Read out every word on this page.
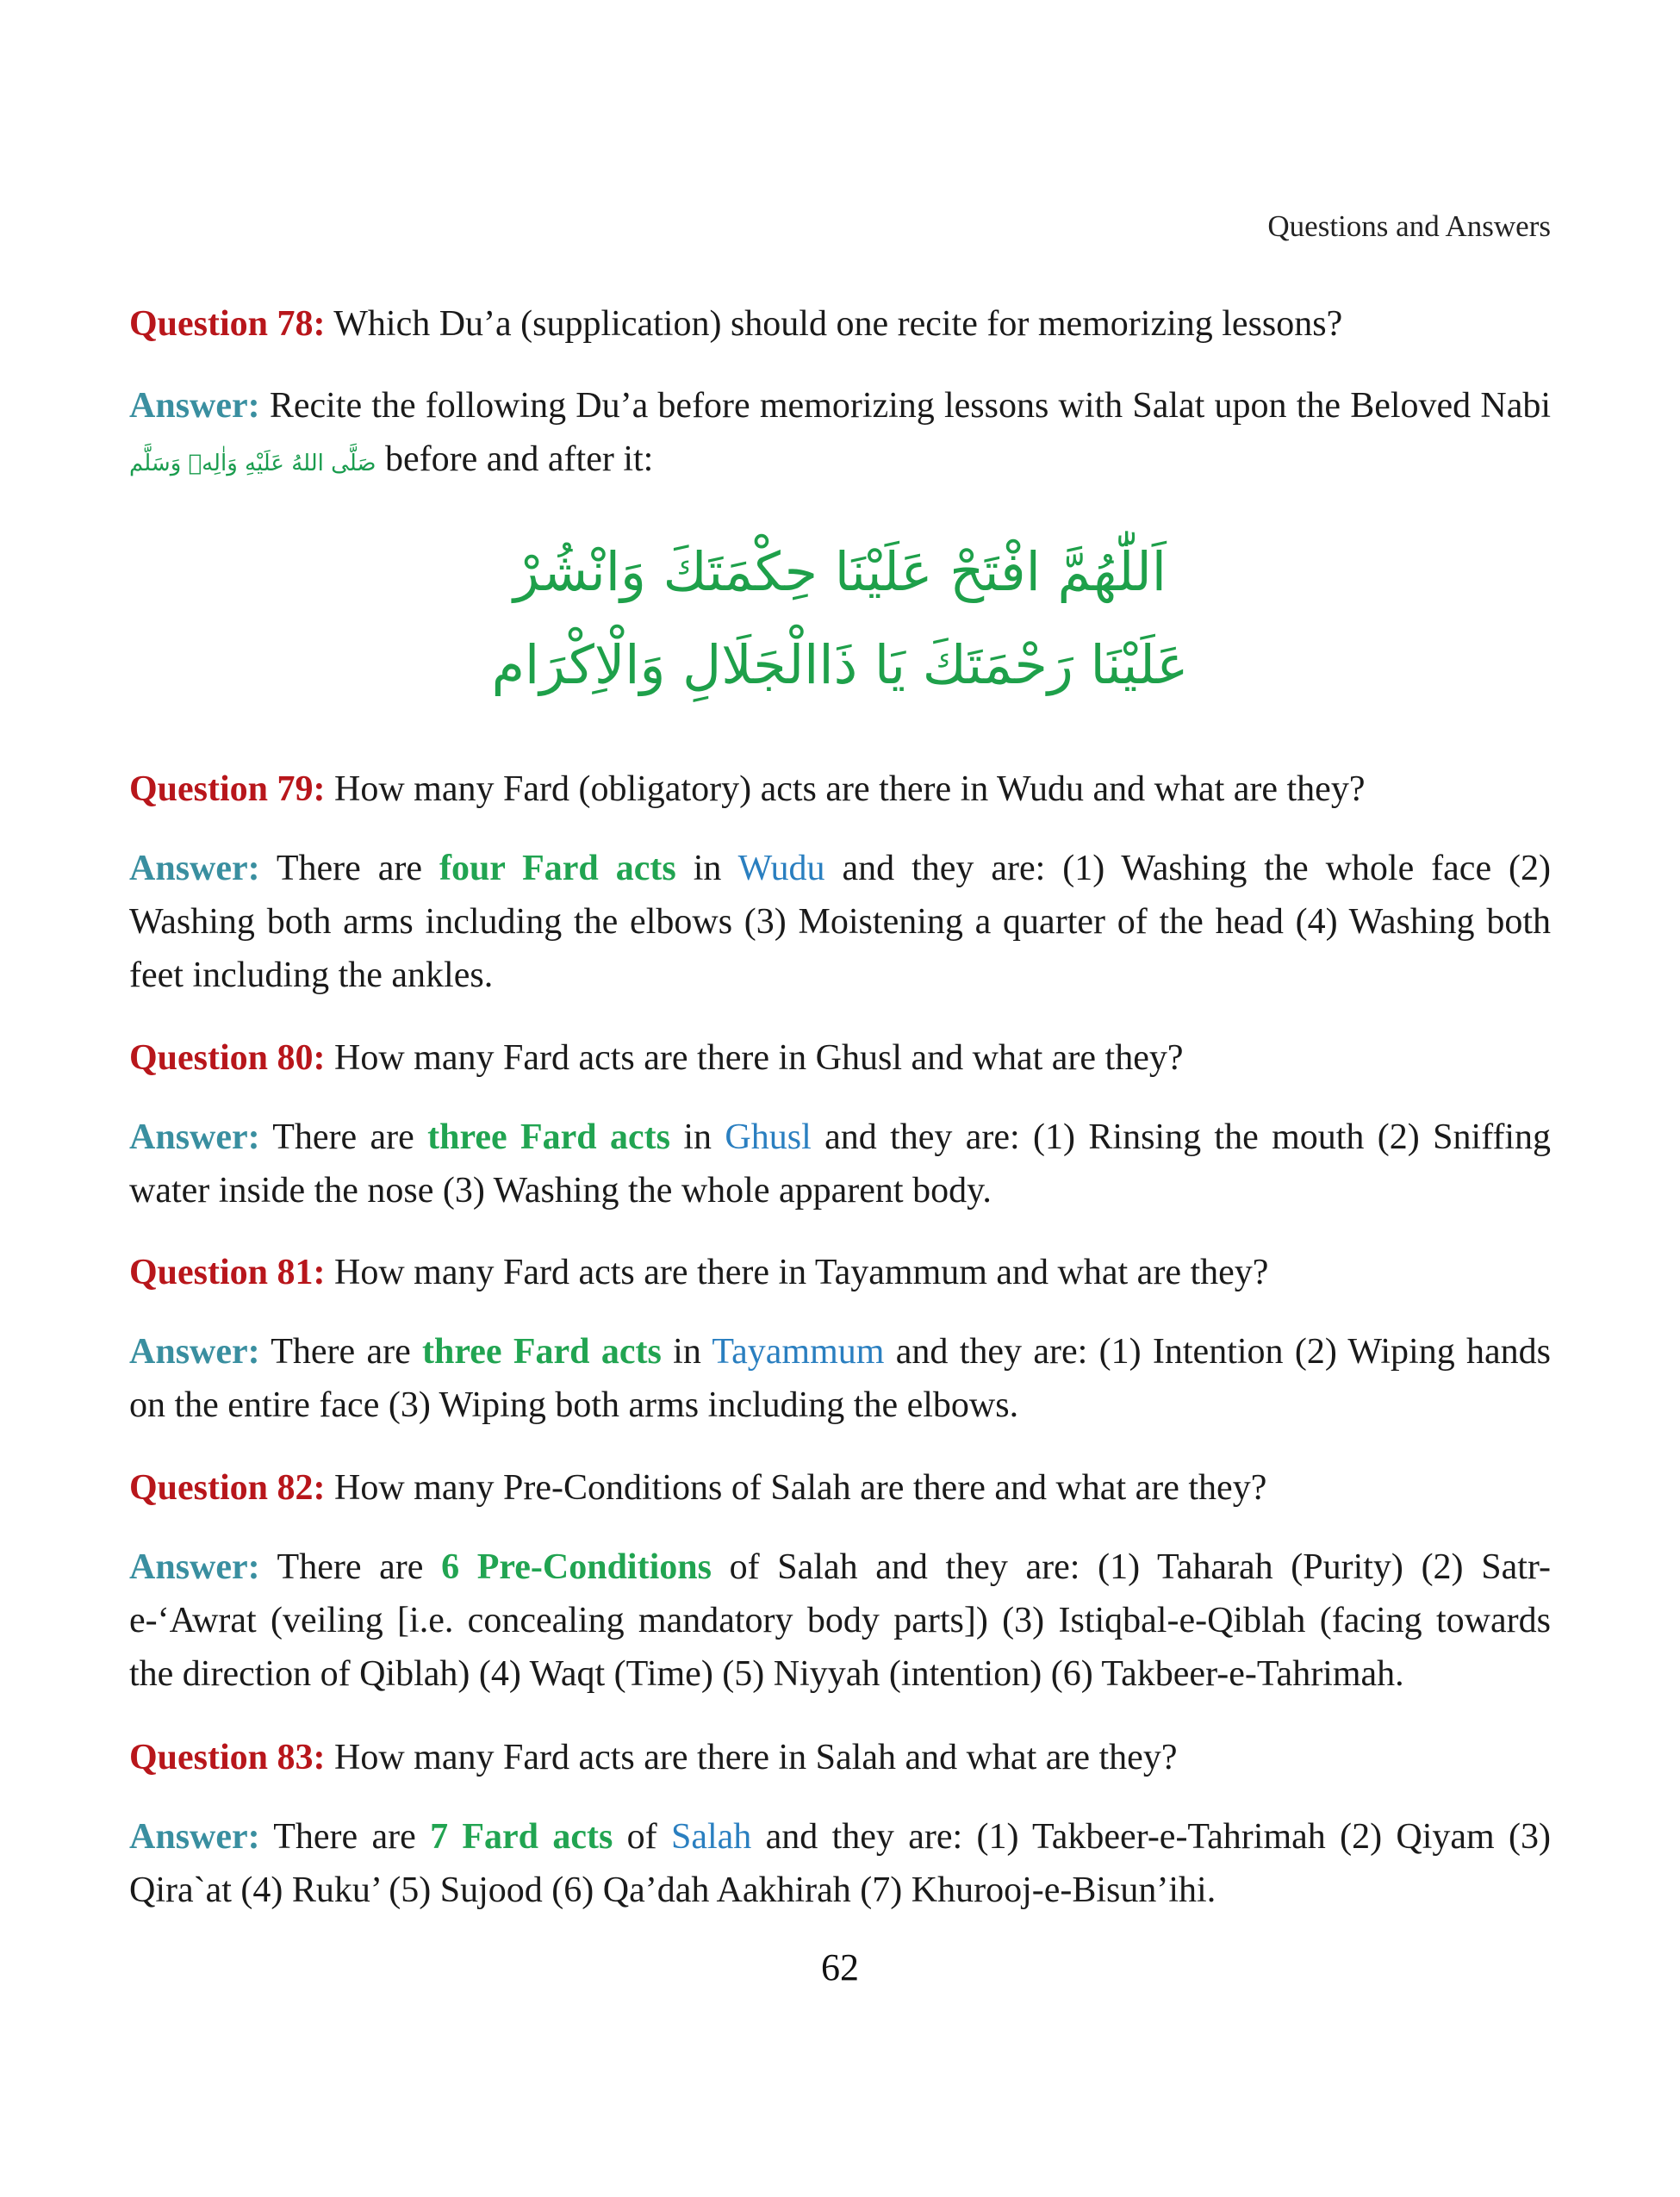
Questions and Answers
Question 78: Which Du’a (supplication) should one recite for memorizing lessons?
Answer: Recite the following Du’a before memorizing lessons with Salat upon the Beloved Nabi صَلَّى اللهُ عَلَيْهِ وَاٰلِهٖ وَسَلَّم before and after it:
اَللّٰهُمَّ افْتَحْ عَلَيْنَا حِكْمَتَكَ وَانْشُرْ
عَلَيْنَا رَحْمَتَكَ يَا ذَاالْجَلَالِ وَالْاِكْرَام
Question 79: How many Fard (obligatory) acts are there in Wudu and what are they?
Answer: There are four Fard acts in Wudu and they are: (1) Washing the whole face (2) Washing both arms including the elbows (3) Moistening a quarter of the head (4) Washing both feet including the ankles.
Question 80: How many Fard acts are there in Ghusl and what are they?
Answer: There are three Fard acts in Ghusl and they are: (1) Rinsing the mouth (2) Sniffing water inside the nose (3) Washing the whole apparent body.
Question 81: How many Fard acts are there in Tayammum and what are they?
Answer: There are three Fard acts in Tayammum and they are: (1) Intention (2) Wiping hands on the entire face (3) Wiping both arms including the elbows.
Question 82: How many Pre-Conditions of Salah are there and what are they?
Answer: There are 6 Pre-Conditions of Salah and they are: (1) Taharah (Purity) (2) Satr-e-‘Awrat (veiling [i.e. concealing mandatory body parts]) (3) Istiqbal-e-Qiblah (facing towards the direction of Qiblah) (4) Waqt (Time) (5) Niyyah (intention) (6) Takbeer-e-Tahrimah.
Question 83: How many Fard acts are there in Salah and what are they?
Answer: There are 7 Fard acts of Salah and they are: (1) Takbeer-e-Tahrimah (2) Qiyam (3) Qira`at (4) Ruku’ (5) Sujood (6) Qa’dah Aakhirah (7) Khurooj-e-Bisun’ihi.
62
